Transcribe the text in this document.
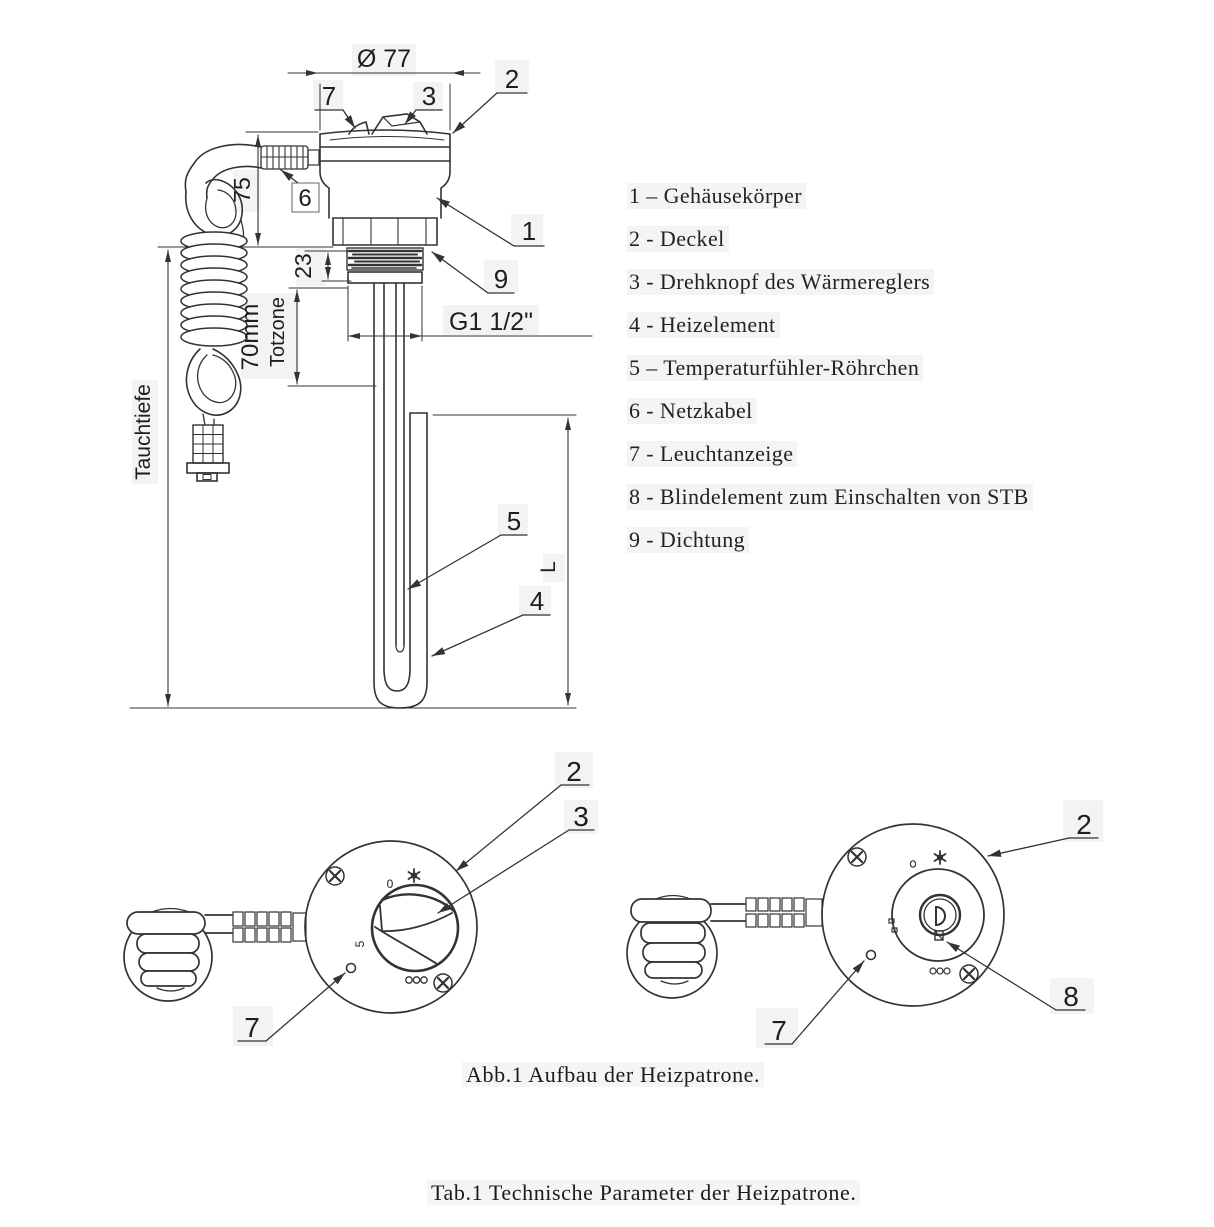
Ø 77
75
23
70mm Totzone
Tauchtiefe
L
G1 1/2"
7	3
2
6
1
9
5
4
2
3
7
0
5
2
7
8
1 – Gehäusekörper
2 - Deckel
3 - Drehknopf des Wärmereglers
4 - Heizelement
5 – Temperaturfühler-Röhrchen
6 - Netzkabel
7 - Leuchtanzeige
8 - Blindelement zum Einschalten von STB
9 - Dichtung
Abb.1 Aufbau der Heizpatrone.
Tab.1 Technische Parameter der Heizpatrone.
